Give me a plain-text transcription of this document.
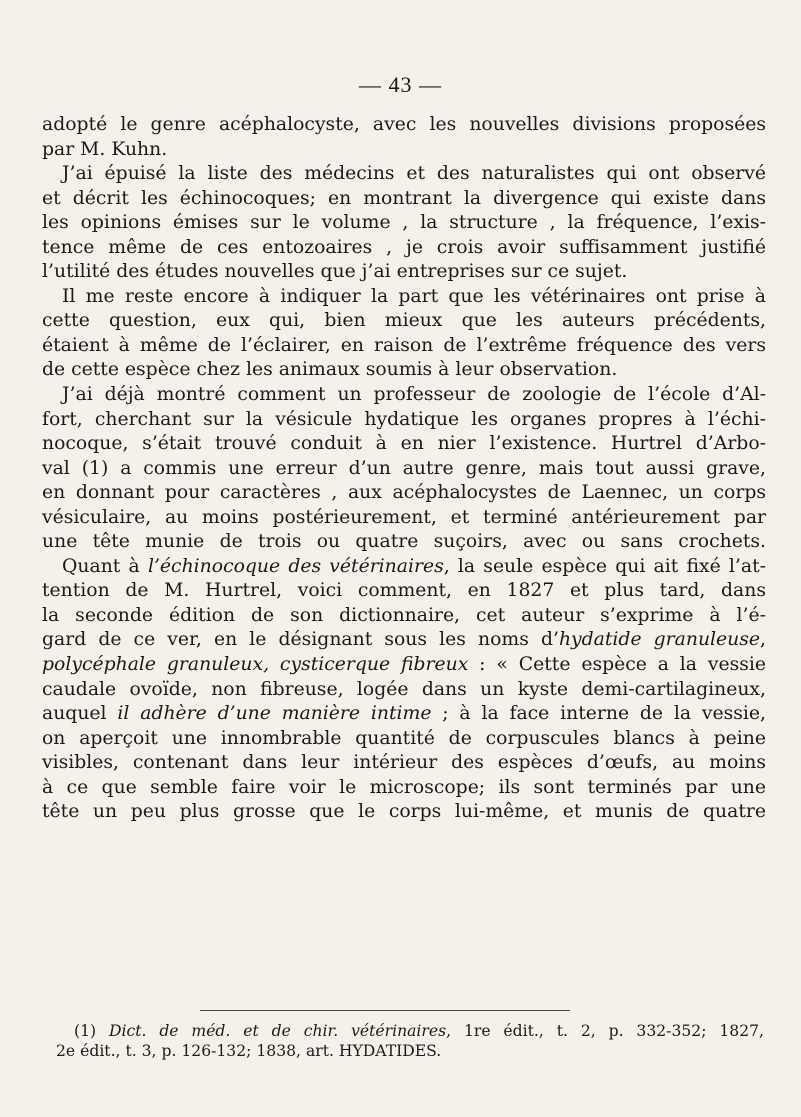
— 43 —
adopté le genre acéphalocyste, avec les nouvelles divisions proposées
par M. Kuhn.
J’ai épuisé la liste des médecins et des naturalistes qui ont observé
et décrit les échinocoques; en montrant la divergence qui existe dans
les opinions émises sur le volume , la structure , la fréquence, l’exis-
tence même de ces entozoaires , je crois avoir suffisamment justifié
l’utilité des études nouvelles que j’ai entreprises sur ce sujet.
Il me reste encore à indiquer la part que les vétérinaires ont prise à
cette question, eux qui, bien mieux que les auteurs précédents,
étaient à même de l’éclairer, en raison de l’extrême fréquence des vers
de cette espèce chez les animaux soumis à leur observation.
J’ai déjà montré comment un professeur de zoologie de l’école d’Al-
fort, cherchant sur la vésicule hydatique les organes propres à l’échi-
nocoque, s’était trouvé conduit à en nier l’existence. Hurtrel d’Arbo-
val (1) a commis une erreur d’un autre genre, mais tout aussi grave,
en donnant pour caractères , aux acéphalocystes de Laennec, un corps
vésiculaire, au moins postérieurement, et terminé antérieurement par
une tête munie de trois ou quatre suçoirs, avec ou sans crochets.
Quant à l’échinocoque des vétérinaires, la seule espèce qui ait fixé l’at-
tention de M. Hurtrel, voici comment, en 1827 et plus tard, dans
la seconde édition de son dictionnaire, cet auteur s’exprime à l’é-
gard de ce ver, en le désignant sous les noms d’hydatide granuleuse,
polycéphale granuleux, cysticerque fibreux : « Cette espèce a la vessie
caudale ovoïde, non fibreuse, logée dans un kyste demi-cartilagineux,
auquel il adhère d’une manière intime ; à la face interne de la vessie,
on aperçoit une innombrable quantité de corpuscules blancs à peine
visibles, contenant dans leur intérieur des espèces d’œufs, au moins
à ce que semble faire voir le microscope; ils sont terminés par une
tête un peu plus grosse que le corps lui-même, et munis de quatre
(1) Dict. de méd. et de chir. vétérinaires, 1re édit., t. 2, p. 332-352; 1827,
2e édit., t. 3, p. 126-132; 1838, art. HYDATIDES.
